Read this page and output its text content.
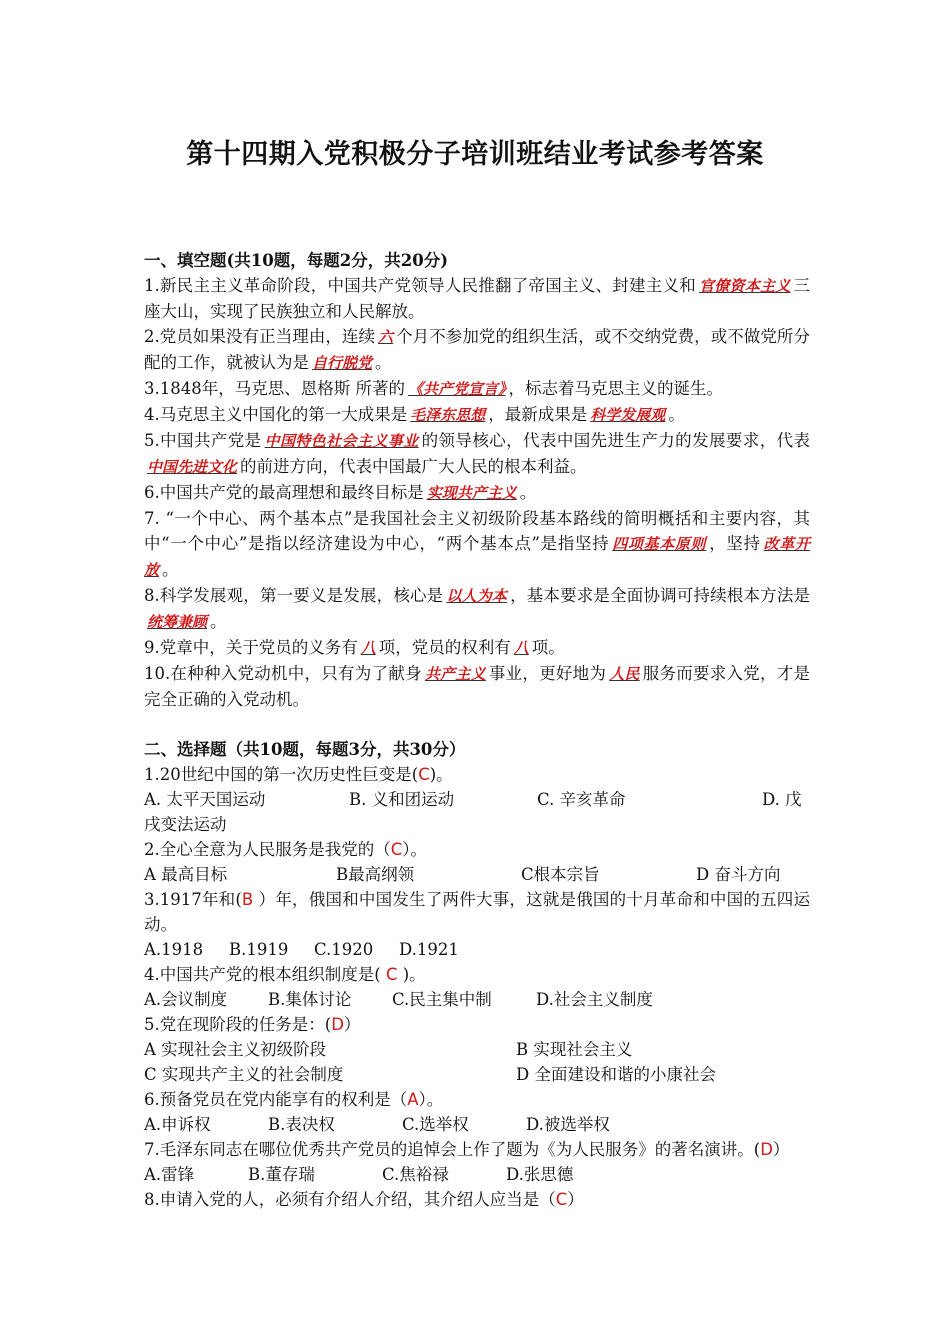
第十四期入党积极分子培训班结业考试参考答案

一、填空题(共10题，每题2分，共20分)

1.新民主主义革命阶段，中国共产党领导人民推翻了帝国主义、封建主义和 官僚资本主义 三座大山，实现了民族独立和人民解放。

2.党员如果没有正当理由，连续 六 个月不参加党的组织生活，或不交纳党费，或不做党所分配的工作，就被认为是 自行脱党 。

3.1848年，马克思、恩格斯 所著的 《共产党宣言》 ，标志着马克思主义的诞生。

4.马克思主义中国化的第一大成果是 毛泽东思想 ，最新成果是 科学发展观 。

5.中国共产党是 中国特色社会主义事业 的领导核心，代表中国先进生产力的发展要求，代表中国先进文化 的前进方向，代表中国最广大人民的根本利益。

6.中国共产党的最高理想和最终目标是 实现共产主义 。

7. “一个中心、两个基本点”是我国社会主义初级阶段基本路线的简明概括和主要内容，其中“一个中心”是指以经济建设为中心，“两个基本点”是指坚持 四项基本原则 ，坚持 改革开放 。

8.科学发展观，第一要义是发展，核心是 以人为本 ，基本要求是全面协调可持续根本方法是统筹兼顾 。

9.党章中，关于党员的义务有 八 项，党员的权利有 八 项。

10.在种种入党动机中，只有为了献身 共产主义 事业，更好地为 人民 服务而要求入党，才是完全正确的入党动机。

二、选择题（共10题，每题3分，共30分）

1.20世纪中国的第一次历史性巨变是(C)。

A. 太平天国运动	B. 义和团运动	C. 辛亥革命	D. 戊

戌变法运动

2.全心全意为人民服务是我党的（C）。

A 最高目标	B最高纲领	C根本宗旨	D 奋斗方向

3.1917年和(B ）年，俄国和中国发生了两件大事，这就是俄国的十月革命和中国的五四运动。

A.1918	B.1919	C.1920	D.1921

4.中国共产党的根本组织制度是( C )。

A.会议制度	B.集体讨论	C.民主集中制	D.社会主义制度

5.党在现阶段的任务是：(D）

A 实现社会主义初级阶段	B 实现社会主义
C 实现共产主义的社会制度	D 全面建设和谐的小康社会

6.预备党员在党内能享有的权利是（A）。

A.申诉权	B.表决权	C.选举权	D.被选举权

7.毛泽东同志在哪位优秀共产党员的追悼会上作了题为《为人民服务》的著名演讲。(D）

A.雷锋	B.董存瑞	C.焦裕禄	D.张思德

8.申请入党的人，必须有介绍人介绍，其介绍人应当是（C）
